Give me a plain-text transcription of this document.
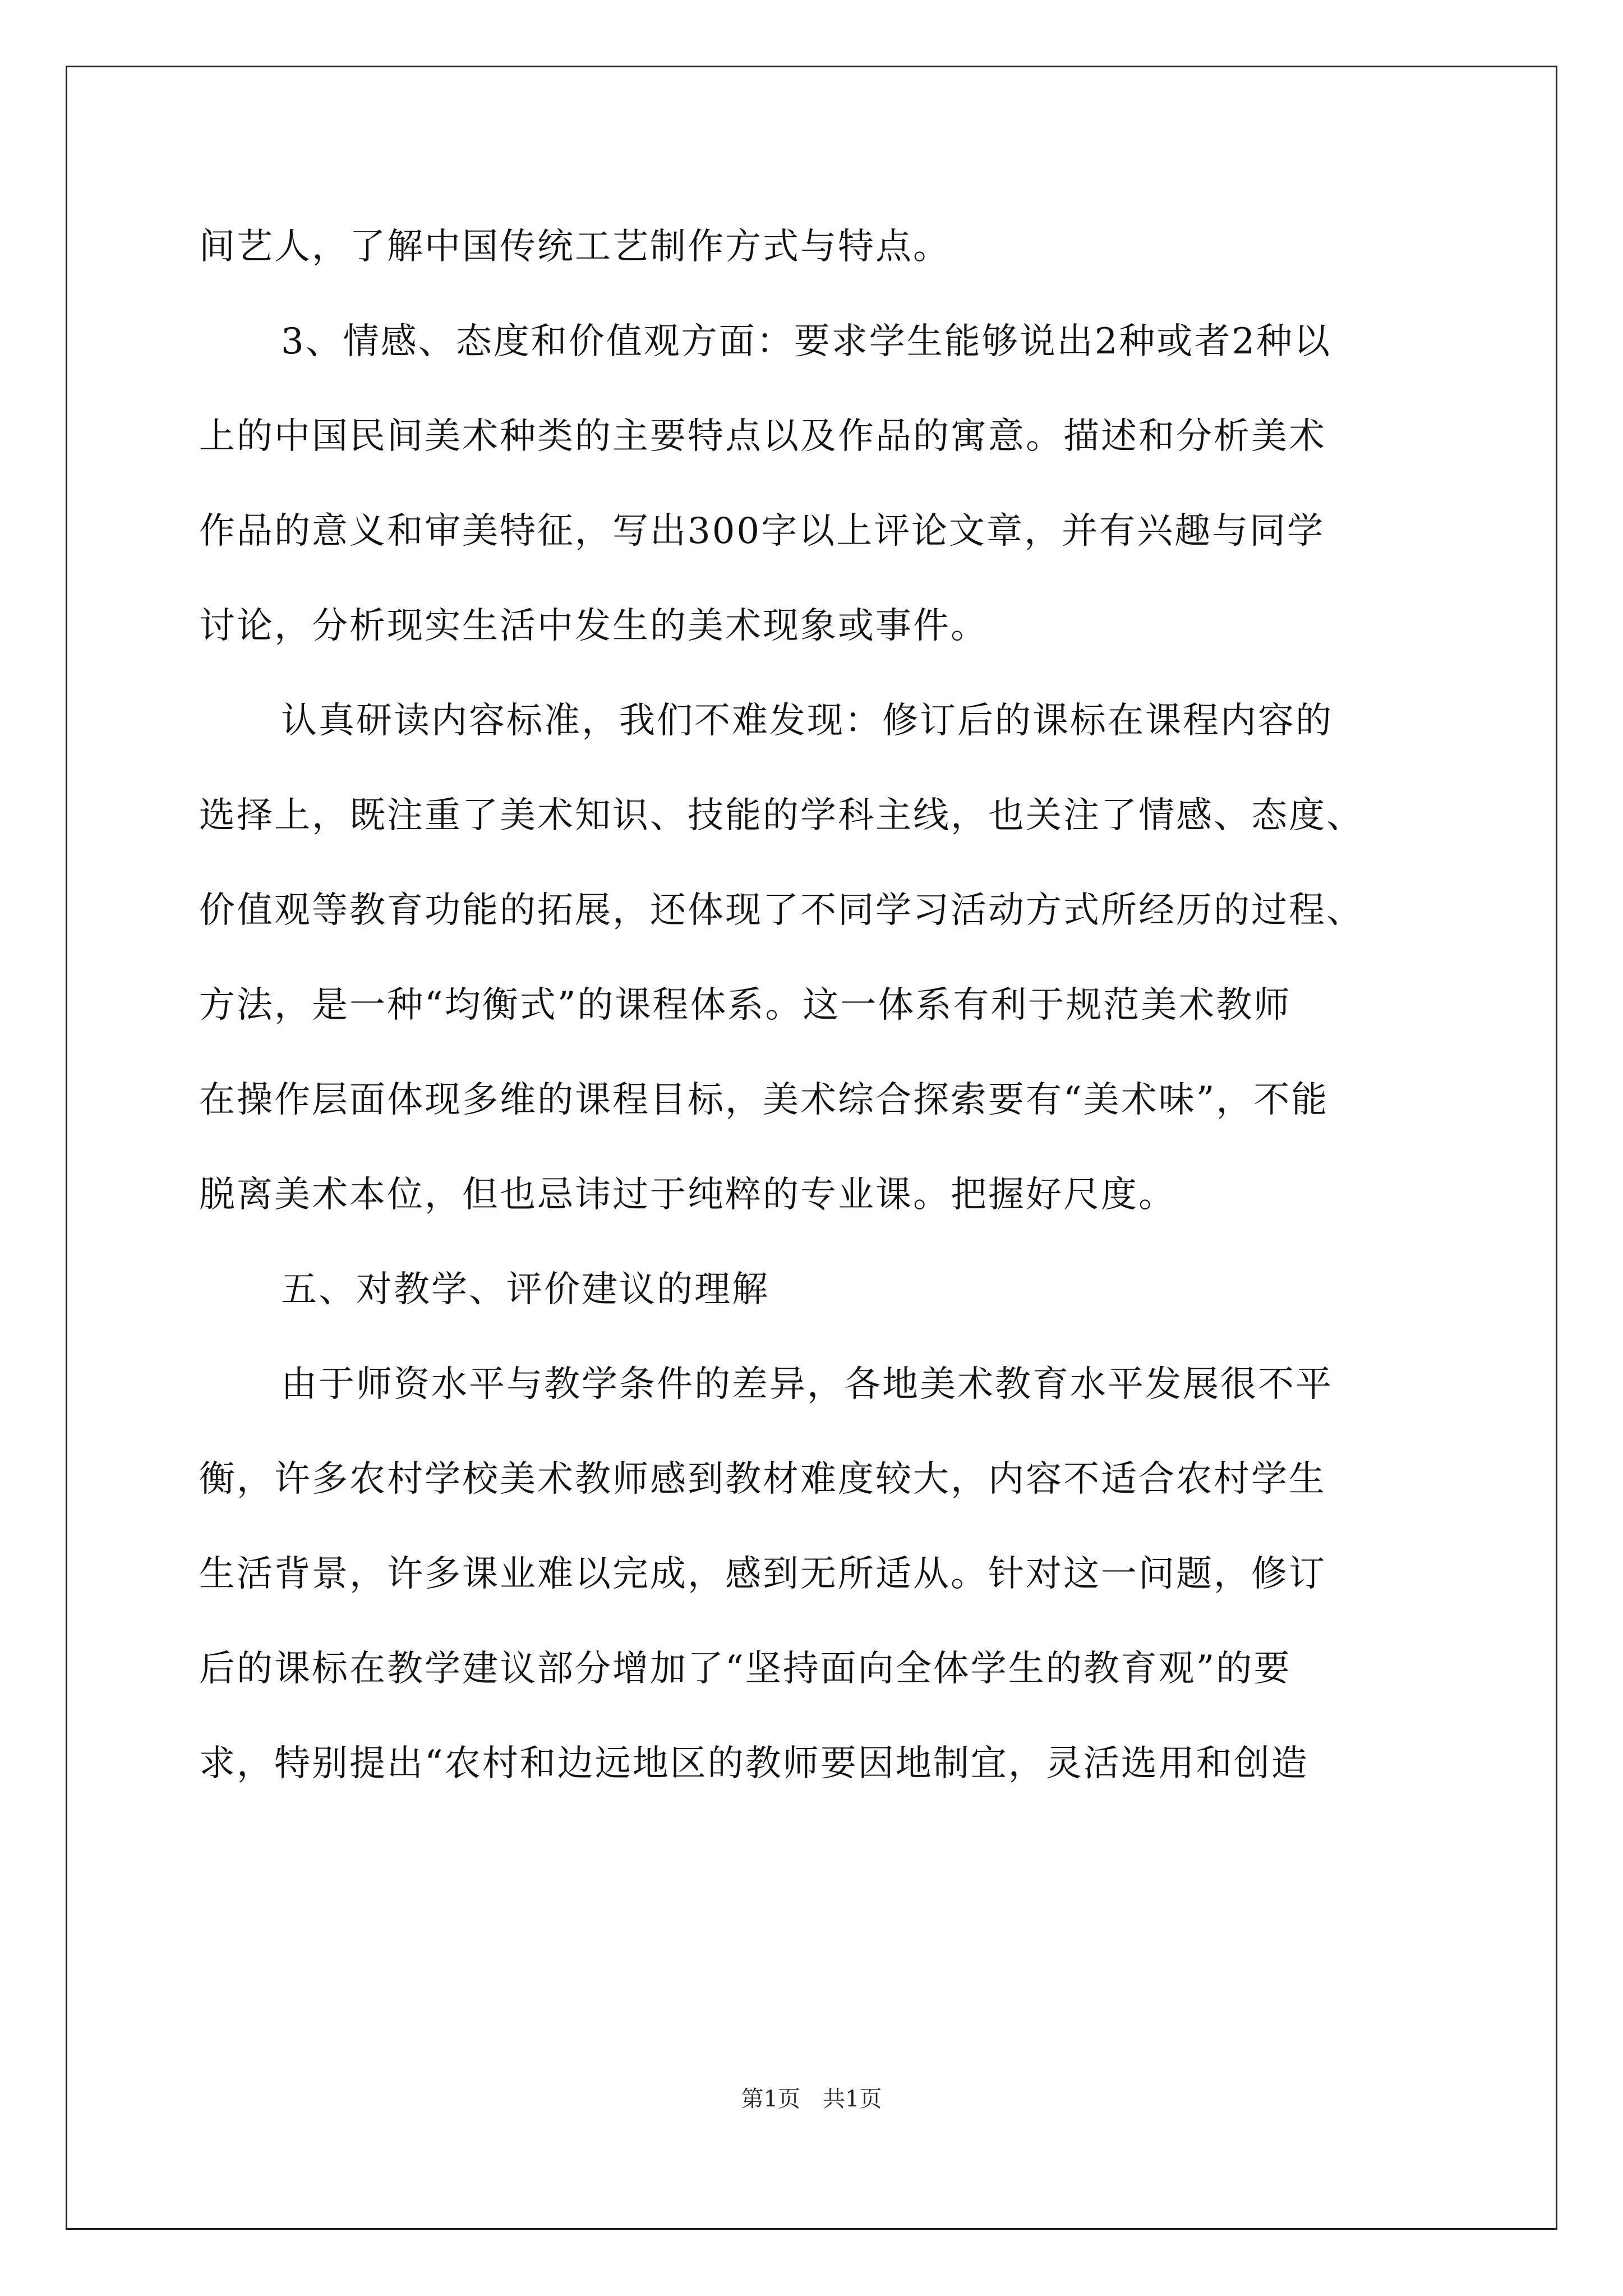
间艺人，了解中国传统工艺制作方式与特点。
3、情感、态度和价值观方面：要求学生能够说出2种或者2种以
上的中国民间美术种类的主要特点以及作品的寓意。描述和分析美术
作品的意义和审美特征，写出300字以上评论文章，并有兴趣与同学
讨论，分析现实生活中发生的美术现象或事件。
认真研读内容标准，我们不难发现：修订后的课标在课程内容的
选择上，既注重了美术知识、技能的学科主线，也关注了情感、态度、
价值观等教育功能的拓展，还体现了不同学习活动方式所经历的过程、
方法，是一种“均衡式”的课程体系。这一体系有利于规范美术教师
在操作层面体现多维的课程目标，美术综合探索要有“美术味”，不能
脱离美术本位，但也忌讳过于纯粹的专业课。把握好尺度。
五、对教学、评价建议的理解
由于师资水平与教学条件的差异，各地美术教育水平发展很不平
衡，许多农村学校美术教师感到教材难度较大，内容不适合农村学生
生活背景，许多课业难以完成，感到无所适从。针对这一问题，修订
后的课标在教学建议部分增加了“坚持面向全体学生的教育观”的要
求，特别提出“农村和边远地区的教师要因地制宜，灵活选用和创造
第1页　共1页
